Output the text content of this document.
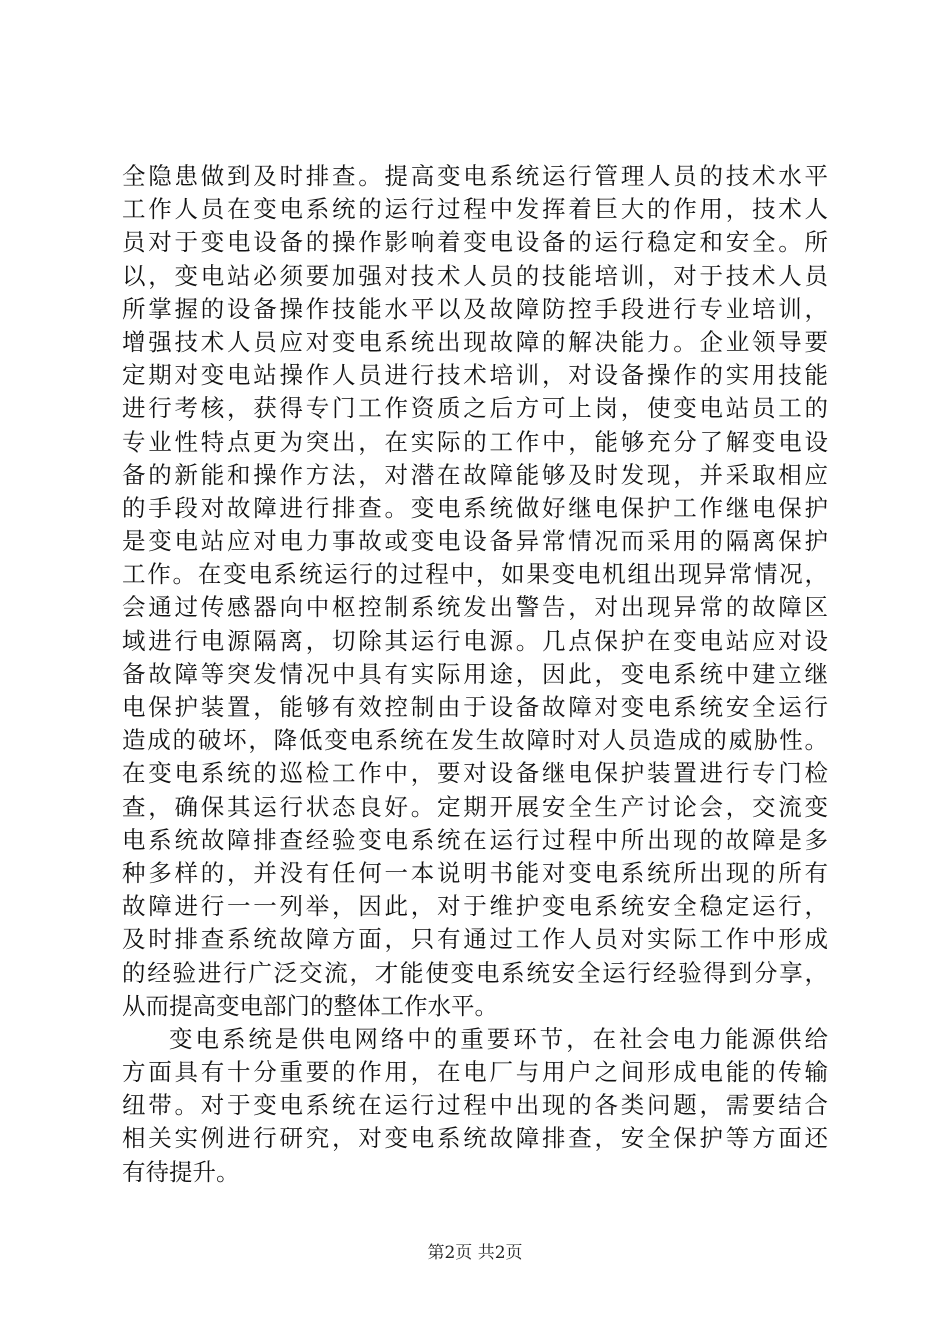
全隐患做到及时排查。提高变电系统运行管理人员的技术水平
工作人员在变电系统的运行过程中发挥着巨大的作用，技术人
员对于变电设备的操作影响着变电设备的运行稳定和安全。所
以，变电站必须要加强对技术人员的技能培训，对于技术人员
所掌握的设备操作技能水平以及故障防控手段进行专业培训，
增强技术人员应对变电系统出现故障的解决能力。企业领导要
定期对变电站操作人员进行技术培训，对设备操作的实用技能
进行考核，获得专门工作资质之后方可上岗，使变电站员工的
专业性特点更为突出，在实际的工作中，能够充分了解变电设
备的新能和操作方法，对潜在故障能够及时发现，并采取相应
的手段对故障进行排查。变电系统做好继电保护工作继电保护
是变电站应对电力事故或变电设备异常情况而采用的隔离保护
工作。在变电系统运行的过程中，如果变电机组出现异常情况，
会通过传感器向中枢控制系统发出警告，对出现异常的故障区
域进行电源隔离，切除其运行电源。几点保护在变电站应对设
备故障等突发情况中具有实际用途，因此，变电系统中建立继
电保护装置，能够有效控制由于设备故障对变电系统安全运行
造成的破坏，降低变电系统在发生故障时对人员造成的威胁性。
在变电系统的巡检工作中，要对设备继电保护装置进行专门检
查，确保其运行状态良好。定期开展安全生产讨论会，交流变
电系统故障排查经验变电系统在运行过程中所出现的故障是多
种多样的，并没有任何一本说明书能对变电系统所出现的所有
故障进行一一列举，因此，对于维护变电系统安全稳定运行，
及时排查系统故障方面，只有通过工作人员对实际工作中形成
的经验进行广泛交流，才能使变电系统安全运行经验得到分享，
从而提高变电部门的整体工作水平。
变电系统是供电网络中的重要环节，在社会电力能源供给
方面具有十分重要的作用，在电厂与用户之间形成电能的传输
纽带。对于变电系统在运行过程中出现的各类问题，需要结合
相关实例进行研究，对变电系统故障排查，安全保护等方面还
有待提升。
第2页 共2页
